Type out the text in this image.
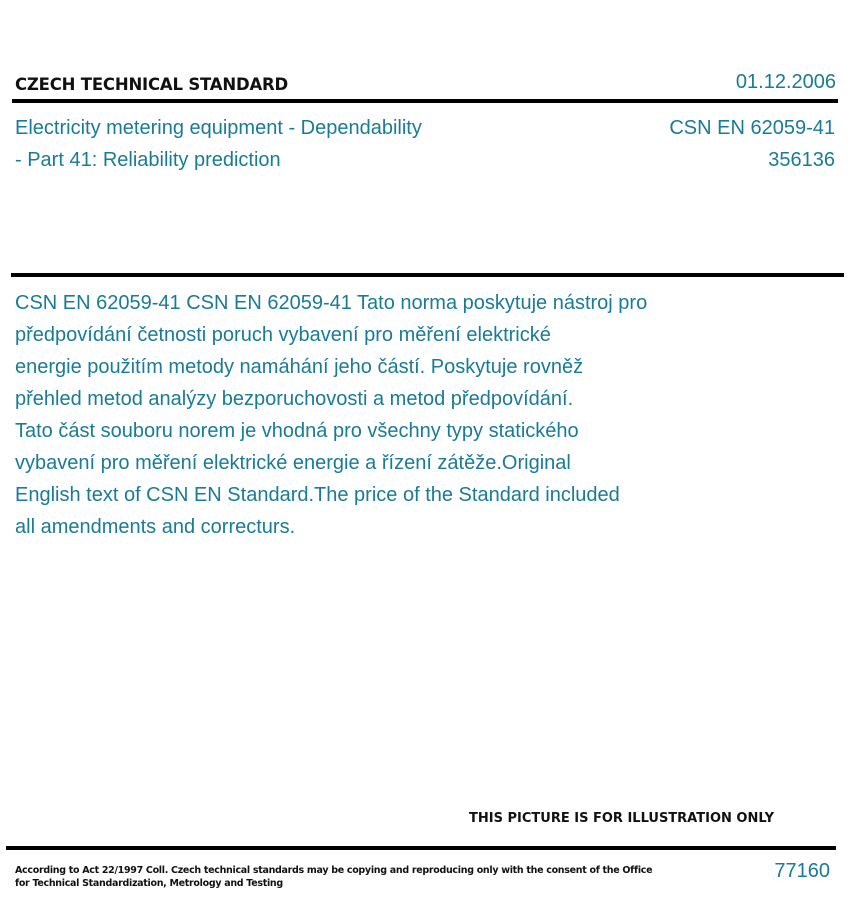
CZECH TECHNICAL STANDARD	01.12.2006
Electricity metering equipment - Dependability
- Part 41: Reliability prediction
CSN EN 62059-41
356136
CSN EN 62059-41 CSN EN 62059-41 Tato norma poskytuje nástroj pro
předpovídání četnosti poruch vybavení pro měření elektrické
energie použitím metody namáhání jeho částí. Poskytuje rovněž
přehled metod analýzy bezporuchovosti a metod předpovídání.
Tato část souboru norem je vhodná pro všechny typy statického
vybavení pro měření elektrické energie a řízení zátěže.Original
English text of CSN EN Standard.The price of the Standard included
all amendments and correcturs.
THIS PICTURE IS FOR ILLUSTRATION ONLY
According to Act 22/1997 Coll. Czech technical standards may be copying and reproducing only with the consent of the Office
for Technical Standardization, Metrology and Testing
77160
